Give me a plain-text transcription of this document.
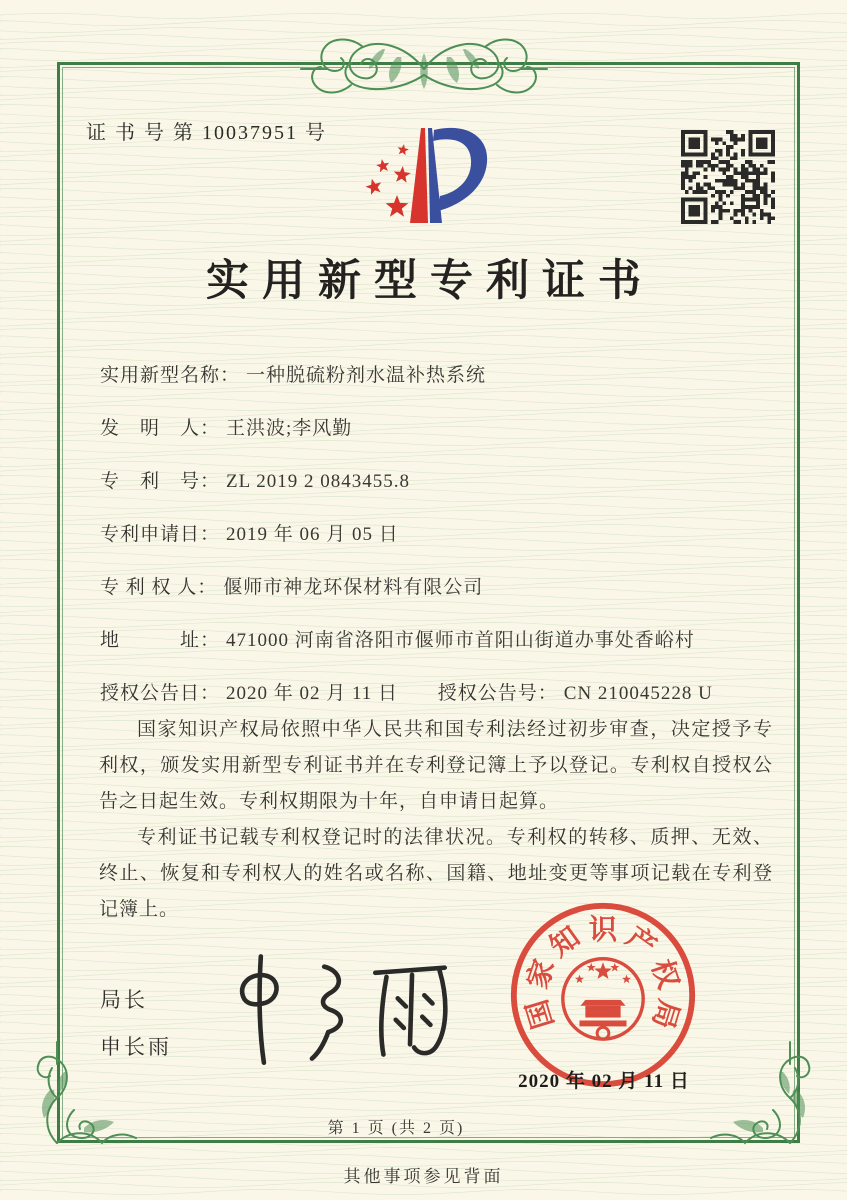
证 书 号 第 10037951 号
实用新型专利证书
实用新型名称： 一种脱硫粉剂水温补热系统
发　明　人： 王洪波;李风勤
专　利　号： ZL 2019 2 0843455.8
专利申请日： 2019 年 06 月 05 日
专 利 权 人： 偃师市神龙环保材料有限公司
地　　　址： 471000 河南省洛阳市偃师市首阳山街道办事处香峪村
授权公告日： 2020 年 02 月 11 日 授权公告号： CN 210045228 U

国家知识产权局依照中华人民共和国专利法经过初步审查，决定授予专利权，颁发实用新型专利证书并在专利登记簿上予以登记。专利权自授权公告之日起生效。专利权期限为十年，自申请日起算。

专利证书记载专利权登记时的法律状况。专利权的转移、质押、无效、终止、恢复和专利权人的姓名或名称、国籍、地址变更等事项记载在专利登记簿上。

局长
申长雨
国
家
知 识 产
权
局
2020 年 02 月 11 日
第 1 页 (共 2 页)
其他事项参见背面
